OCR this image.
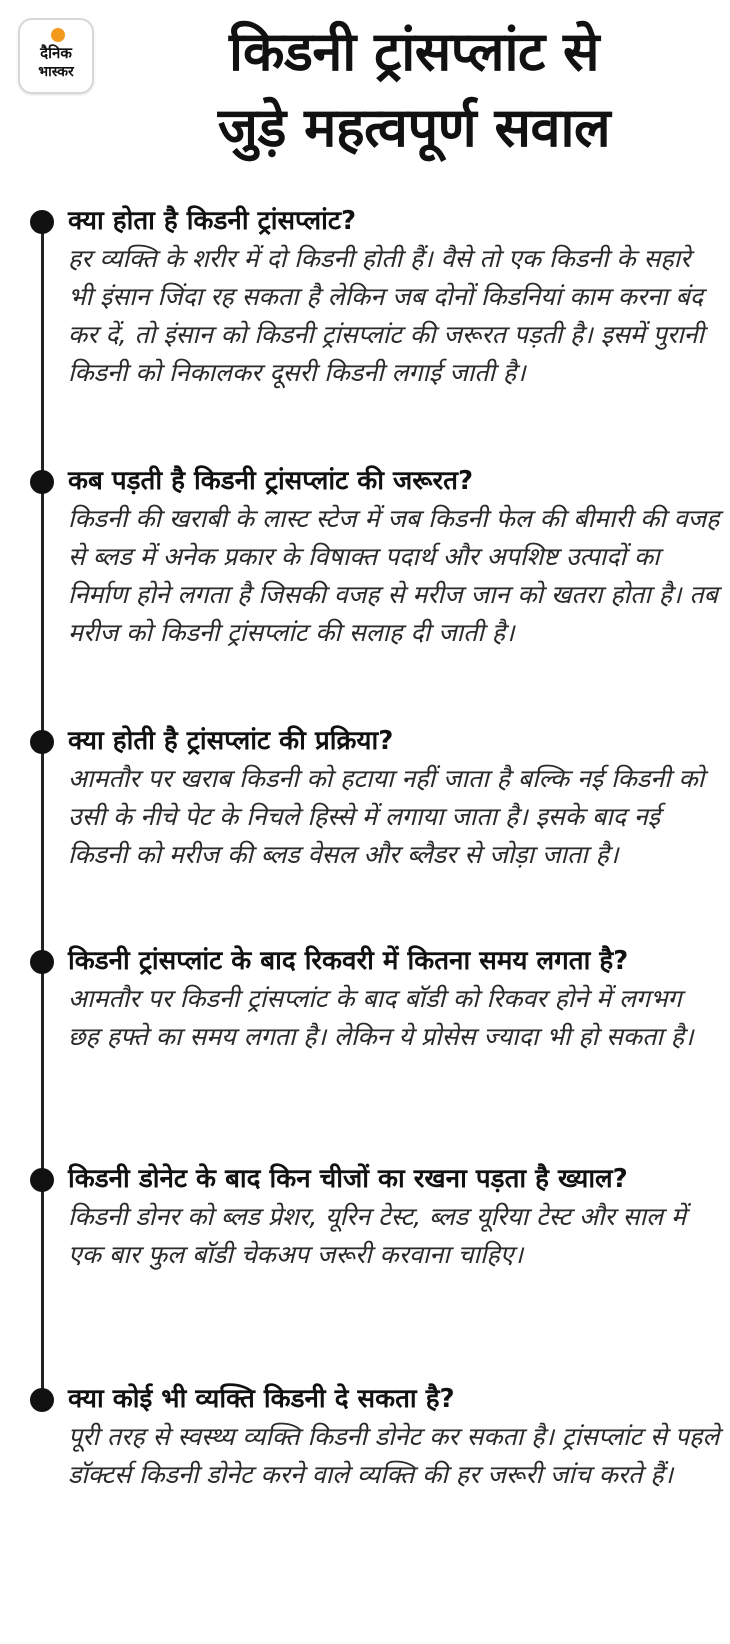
दैनिक
भास्कर	किडनी ट्रांसप्लांट से
जुड़े महत्वपूर्ण सवाल

क्या होता है किडनी ट्रांसप्लांट?

हर व्यक्ति के शरीर में दो किडनी होती हैं। वैसे तो एक किडनी के सहारे भी इंसान जिंदा रह सकता है लेकिन जब दोनों किडनियां काम करना बंद कर दें, तो इंसान को किडनी ट्रांसप्लांट की जरूरत पड़ती है। इसमें पुरानी किडनी को निकालकर दूसरी किडनी लगाई जाती है।

कब पड़ती है किडनी ट्रांसप्लांट की जरूरत?

किडनी की खराबी के लास्ट स्टेज में जब किडनी फेल की बीमारी की वजह से ब्लड में अनेक प्रकार के विषाक्त पदार्थ और अपशिष्ट उत्पादों का निर्माण होने लगता है जिसकी वजह से मरीज जान को खतरा होता है। तब मरीज को किडनी ट्रांसप्लांट की सलाह दी जाती है।

क्या होती है ट्रांसप्लांट की प्रक्रिया?

आमतौर पर खराब किडनी को हटाया नहीं जाता है बल्कि नई किडनी को उसी के नीचे पेट के निचले हिस्से में लगाया जाता है। इसके बाद नई किडनी को मरीज की ब्लड वेसल और ब्लैडर से जोड़ा जाता है।

किडनी ट्रांसप्लांट के बाद रिकवरी में कितना समय लगता है?

आमतौर पर किडनी ट्रांसप्लांट के बाद बॉडी को रिकवर होने में लगभग छह हफ्ते का समय लगता है। लेकिन ये प्रोसेस ज्यादा भी हो सकता है।

किडनी डोनेट के बाद किन चीजों का रखना पड़ता है ख्याल?

किडनी डोनर को ब्लड प्रेशर, यूरिन टेस्ट, ब्लड यूरिया टेस्ट और साल में एक बार फुल बॉडी चेकअप जरूरी करवाना चाहिए।

क्या कोई भी व्यक्ति किडनी दे सकता है?

पूरी तरह से स्वस्थ्य व्यक्ति किडनी डोनेट कर सकता है। ट्रांसप्लांट से पहले डॉक्टर्स किडनी डोनेट करने वाले व्यक्ति की हर जरूरी जांच करते हैं।
